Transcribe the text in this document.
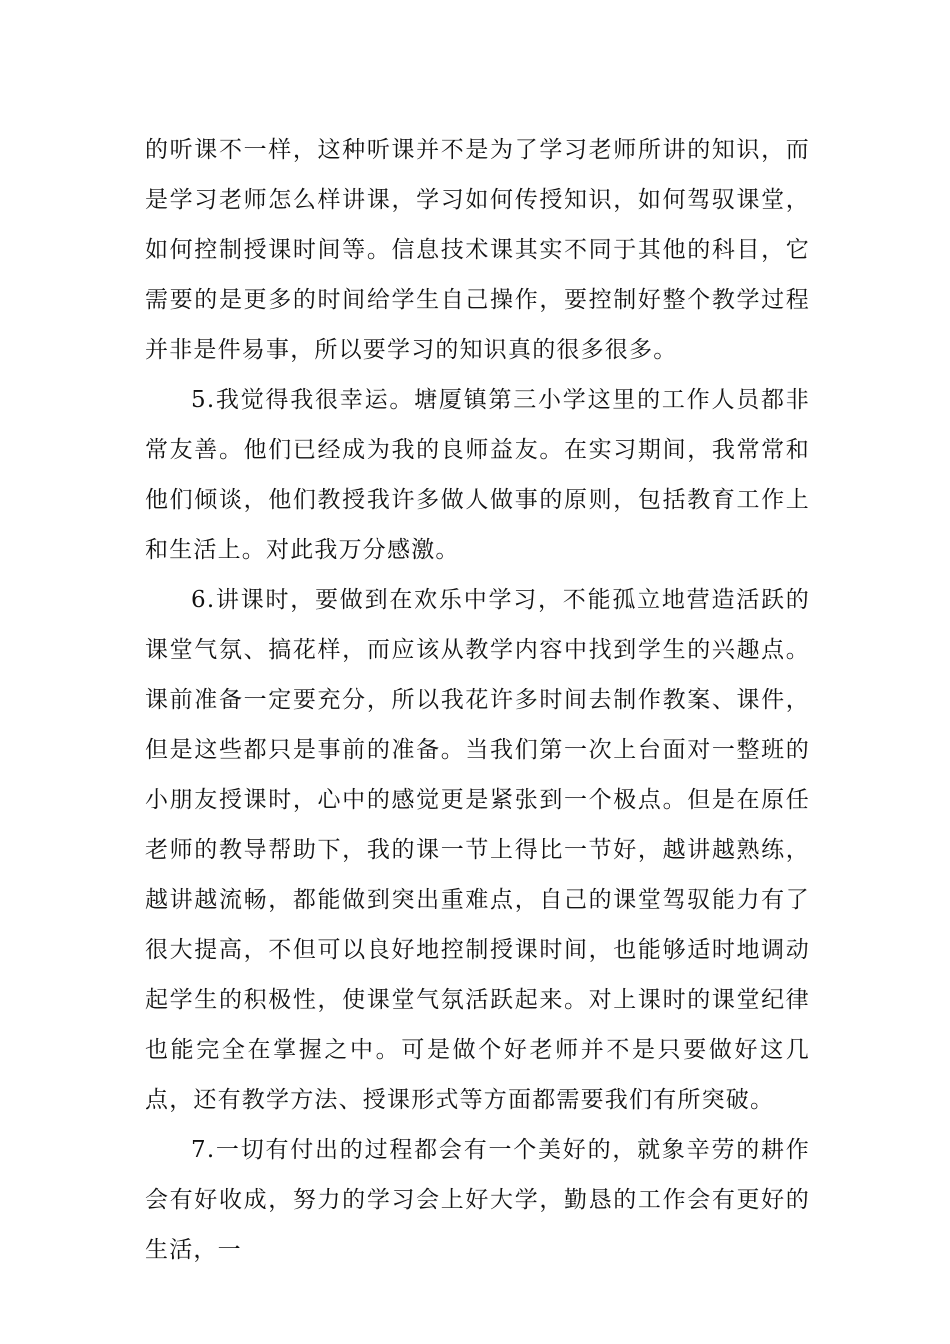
的听课不一样，这种听课并不是为了学习老师所讲的知识，而是学习老师怎么样讲课，学习如何传授知识，如何驾驭课堂，如何控制授课时间等。信息技术课其实不同于其他的科目，它需要的是更多的时间给学生自己操作，要控制好整个教学过程并非是件易事，所以要学习的知识真的很多很多。

5.我觉得我很幸运。塘厦镇第三小学这里的工作人员都非常友善。他们已经成为我的良师益友。在实习期间，我常常和他们倾谈，他们教授我许多做人做事的原则，包括教育工作上和生活上。对此我万分感激。

6.讲课时，要做到在欢乐中学习，不能孤立地营造活跃的课堂气氛、搞花样，而应该从教学内容中找到学生的兴趣点。课前准备一定要充分，所以我花许多时间去制作教案、课件，但是这些都只是事前的准备。当我们第一次上台面对一整班的小朋友授课时，心中的感觉更是紧张到一个极点。但是在原任老师的教导帮助下，我的课一节上得比一节好，越讲越熟练，越讲越流畅，都能做到突出重难点，自己的课堂驾驭能力有了很大提高，不但可以良好地控制授课时间，也能够适时地调动起学生的积极性，使课堂气氛活跃起来。对上课时的课堂纪律也能完全在掌握之中。可是做个好老师并不是只要做好这几点，还有教学方法、授课形式等方面都需要我们有所突破。

7.一切有付出的过程都会有一个美好的，就象辛劳的耕作会有好收成，努力的学习会上好大学，勤恳的工作会有更好的生活，一
